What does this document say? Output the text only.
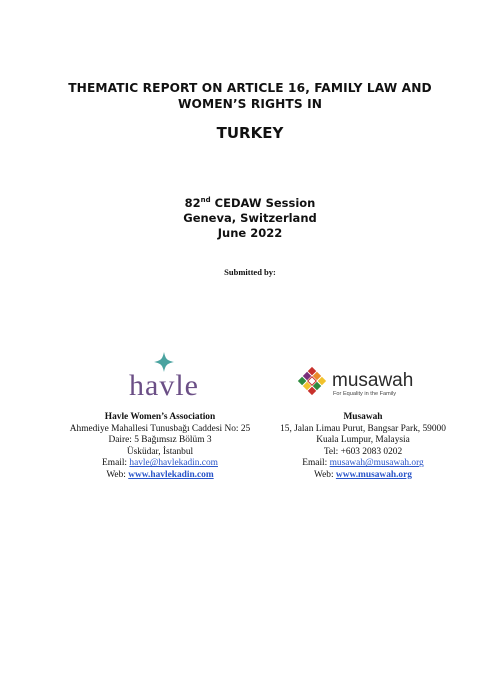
THEMATIC REPORT ON ARTICLE 16, FAMILY LAW AND
WOMEN’S RIGHTS IN
TURKEY
82nd CEDAW Session
Geneva, Switzerland
June 2022
Submitted by:
havle	musawah
For Equality in the Family
Havle Women’s Association
Ahmediye Mahallesi Tunusbağı Caddesi No: 25
Daire: 5 Bağımsız Bölüm 3
Üsküdar, İstanbul
Email: havle@havlekadin.com
Web: www.havlekadin.com
Musawah
15, Jalan Limau Purut, Bangsar Park, 59000
Kuala Lumpur, Malaysia
Tel: +603 2083 0202
Email: musawah@musawah.org
Web: www.musawah.org
